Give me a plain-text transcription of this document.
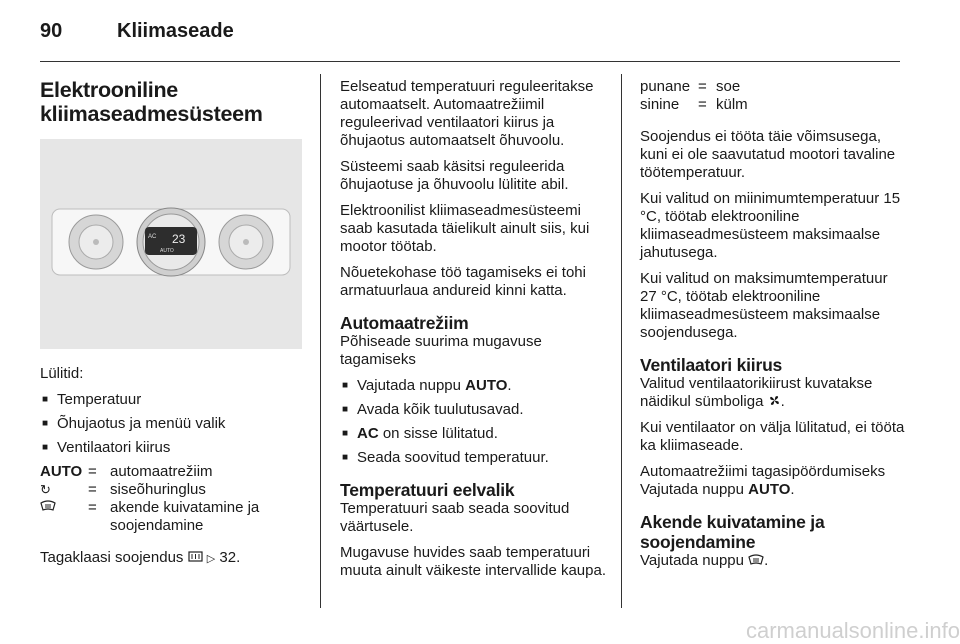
90	Kliimaseade
Elektrooniline
kliimaseadmesüsteem
AC 23
AUTO

Lülitid:

■ Temperatuur
■ Õhujaotus ja menüü valik
■ Ventilaatori kiirus
AUTO = automaatrežiim
↻	= siseõhuringlus
= akende kuivatamine ja soojendamine

Tagaklaasi soojendus ▷ 32.

Eelseatud temperatuuri reguleeritakse automaatselt. Automaatrežiimil reguleerivad ventilaatori kiirus ja õhujaotus automaatselt õhuvoolu.

Süsteemi saab käsitsi reguleerida õhujaotuse ja õhuvoolu lülitite abil.

Elektroonilist kliimaseadmesüsteemi saab kasutada täielikult ainult siis, kui mootor töötab.

Nõuetekohase töö tagamiseks ei tohi armatuurlaua andureid kinni katta.

Automaatrežiim

Põhiseade suurima mugavuse tagamiseks

■ Vajutada nuppu AUTO.
■ Avada kõik tuulutusavad.
■ AC on sisse lülitatud.
■ Seada soovitud temperatuur.
Temperatuuri eelvalik

Temperatuuri saab seada soovitud väärtusele.

Mugavuse huvides saab temperatuuri muuta ainult väikeste intervallide kaupa.

punane = soe
sinine	= külm

Soojendus ei tööta täie võimsusega, kuni ei ole saavutatud mootori tavaline töötemperatuur.

Kui valitud on miinimumtemperatuur 15 °C, töötab elektrooniline kliimaseadmesüsteem maksimaalse jahutusega.

Kui valitud on maksimumtemperatuur 27 °C, töötab elektrooniline kliimaseadmesüsteem maksimaalse soojendusega.

Ventilaatori kiirus

Valitud ventilaatorikiirust kuvatakse näidikul sümboliga .

Kui ventilaator on välja lülitatud, ei tööta ka kliimaseade.

Automaatrežiimi tagasipöördumiseks Vajutada nuppu AUTO.

Akende kuivatamine ja
soojendamine

Vajutada nuppu .

carmanualsonline.info
